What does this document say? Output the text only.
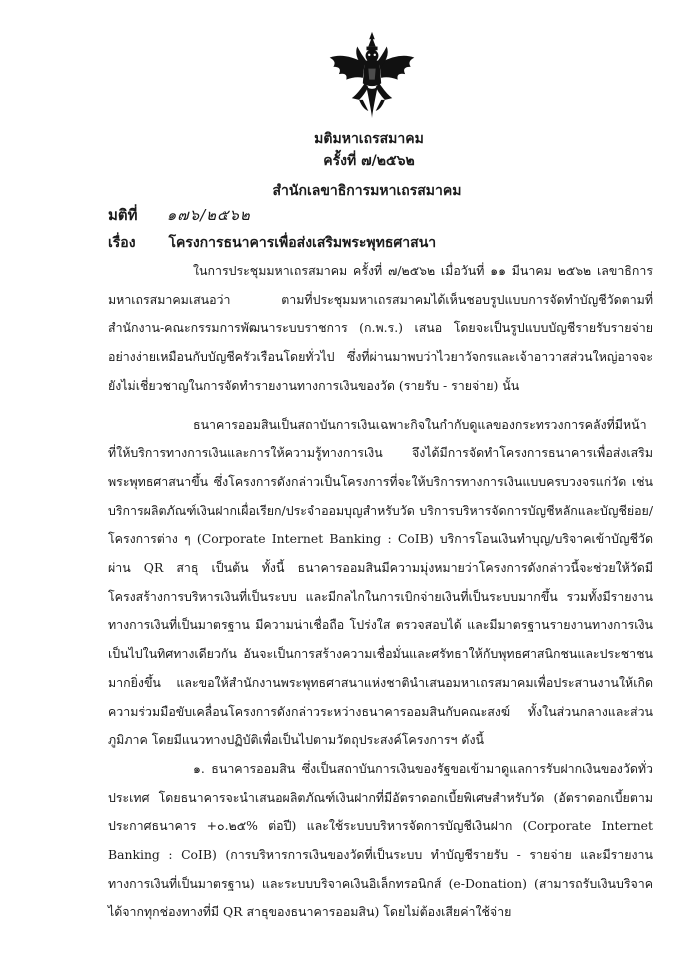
มติมหาเถรสมาคม
ครั้งที่ ๗/๒๕๖๒
สำนักเลขาธิการมหาเถรสมาคม
มติที่ ๑๗๖/๒๕๖๒
เรื่อง โครงการธนาคารเพื่อส่งเสริมพระพุทธศาสนา

ในการประชุมมหาเถรสมาคม ครั้งที่ ๗/๒๕๖๒ เมื่อวันที่ ๑๑ มีนาคม ๒๕๖๒ เลขาธิการมหาเถรสมาคมเสนอว่า ตามที่ประชุมมหาเถรสมาคมได้เห็นชอบรูปแบบการจัดทำบัญชีวัดตามที่สำนักงาน-คณะกรรมการพัฒนาระบบราชการ (ก.พ.ร.) เสนอ โดยจะเป็นรูปแบบบัญชีรายรับรายจ่ายอย่างง่ายเหมือนกับบัญชีครัวเรือนโดยทั่วไป ซึ่งที่ผ่านมาพบว่าไวยาวัจกรและเจ้าอาวาสส่วนใหญ่อาจจะยังไม่เชี่ยวชาญในการจัดทำรายงานทางการเงินของวัด (รายรับ - รายจ่าย) นั้น

ธนาคารออมสินเป็นสถาบันการเงินเฉพาะกิจในกำกับดูแลของกระทรวงการคลังที่มีหน้าที่ให้บริการทางการเงินและการให้ความรู้ทางการเงิน จึงได้มีการจัดทำโครงการธนาคารเพื่อส่งเสริมพระพุทธศาสนาขึ้น ซึ่งโครงการดังกล่าวเป็นโครงการที่จะให้บริการทางการเงินแบบครบวงจรแก่วัด เช่น บริการผลิตภัณฑ์เงินฝากเผื่อเรียก/ประจำออมบุญสำหรับวัด บริการบริหารจัดการบัญชีหลักและบัญชีย่อย/โครงการต่าง ๆ (Corporate Internet Banking : CoIB) บริการโอนเงินทำบุญ/บริจาคเข้าบัญชีวัดผ่าน QR สาธุ เป็นต้น ทั้งนี้ ธนาคารออมสินมีความมุ่งหมายว่าโครงการดังกล่าวนี้จะช่วยให้วัดมีโครงสร้างการบริหารเงินที่เป็นระบบ และมีกลไกในการเบิกจ่ายเงินที่เป็นระบบมากขึ้น รวมทั้งมีรายงานทางการเงินที่เป็นมาตรฐาน มีความน่าเชื่อถือ โปร่งใส ตรวจสอบได้ และมีมาตรฐานรายงานทางการเงินเป็นไปในทิศทางเดียวกัน อันจะเป็นการสร้างความเชื่อมั่นและศรัทธาให้กับพุทธศาสนิกชนและประชาชนมากยิ่งขึ้น และขอให้สำนักงานพระพุทธศาสนาแห่งชาตินำเสนอมหาเถรสมาคมเพื่อประสานงานให้เกิดความร่วมมือขับเคลื่อนโครงการดังกล่าวระหว่างธนาคารออมสินกับคณะสงฆ์ ทั้งในส่วนกลางและส่วนภูมิภาค โดยมีแนวทางปฏิบัติเพื่อเป็นไปตามวัตถุประสงค์โครงการฯ ดังนี้

๑. ธนาคารออมสิน ซึ่งเป็นสถาบันการเงินของรัฐขอเข้ามาดูแลการรับฝากเงินของวัดทั่วประเทศ โดยธนาคารจะนำเสนอผลิตภัณฑ์เงินฝากที่มีอัตราดอกเบี้ยพิเศษสำหรับวัด (อัตราดอกเบี้ยตามประกาศธนาคาร +๐.๒๕% ต่อปี) และใช้ระบบบริหารจัดการบัญชีเงินฝาก (Corporate Internet Banking : CoIB) (การบริหารการเงินของวัดที่เป็นระบบ ทำบัญชีรายรับ - รายจ่าย และมีรายงานทางการเงินที่เป็นมาตรฐาน) และระบบบริจาคเงินอิเล็กทรอนิกส์ (e-Donation) (สามารถรับเงินบริจาคได้จากทุกช่องทางที่มี QR สาธุของธนาคารออมสิน) โดยไม่ต้องเสียค่าใช้จ่าย
